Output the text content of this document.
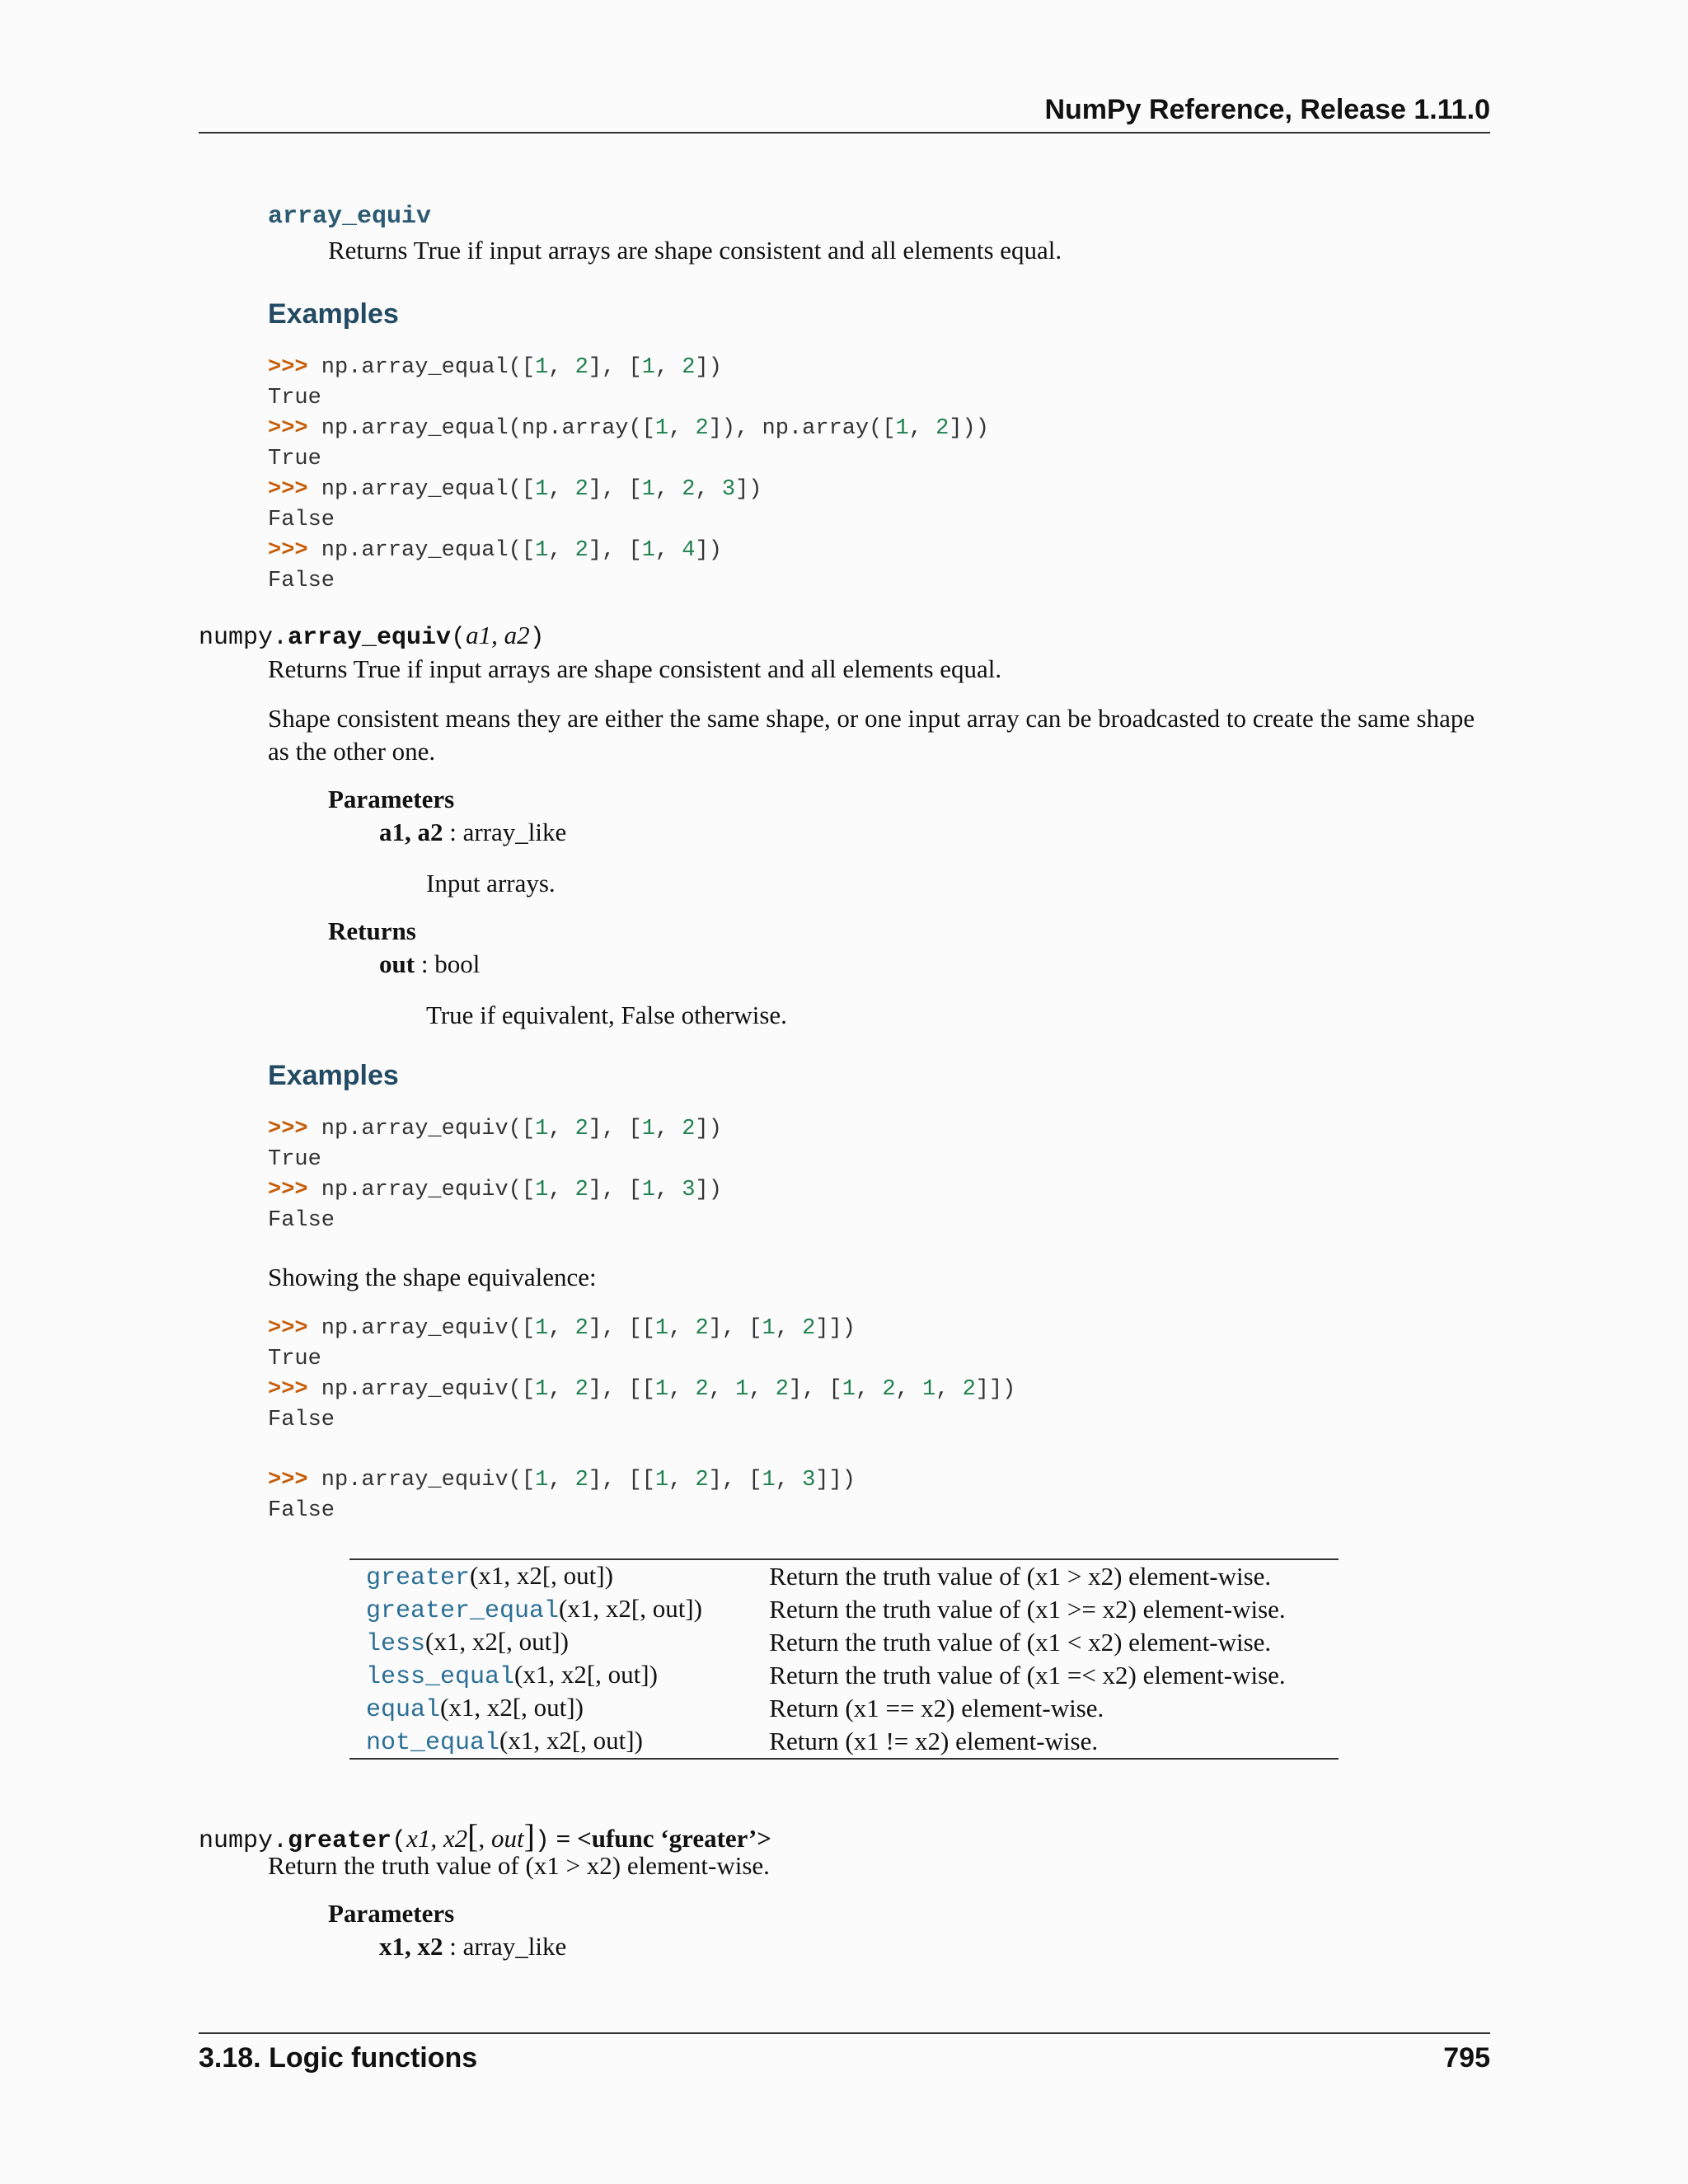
NumPy Reference, Release 1.11.0
array_equiv
Returns True if input arrays are shape consistent and all elements equal.
Examples
>>> np.array_equal([1, 2], [1, 2])
True
>>> np.array_equal(np.array([1, 2]), np.array([1, 2]))
True
>>> np.array_equal([1, 2], [1, 2, 3])
False
>>> np.array_equal([1, 2], [1, 4])
False
numpy.array_equiv(a1, a2)
Returns True if input arrays are shape consistent and all elements equal.
Shape consistent means they are either the same shape, or one input array can be broadcasted to create the same shape as the other one.
Parameters
a1, a2 : array_like
Input arrays.
Returns
out : bool
True if equivalent, False otherwise.
Examples
>>> np.array_equiv([1, 2], [1, 2])
True
>>> np.array_equiv([1, 2], [1, 3])
False
Showing the shape equivalence:
>>> np.array_equiv([1, 2], [[1, 2], [1, 2]])
True
>>> np.array_equiv([1, 2], [[1, 2, 1, 2], [1, 2, 1, 2]])
False
>>> np.array_equiv([1, 2], [[1, 2], [1, 3]])
False
greater(x1, x2[, out])	Return the truth value of (x1 > x2) element-wise.
greater_equal(x1, x2[, out])	Return the truth value of (x1 >= x2) element-wise.
less(x1, x2[, out])	Return the truth value of (x1 < x2) element-wise.
less_equal(x1, x2[, out])	Return the truth value of (x1 =< x2) element-wise.
equal(x1, x2[, out])	Return (x1 == x2) element-wise.
not_equal(x1, x2[, out])	Return (x1 != x2) element-wise.
numpy.greater(x1, x2[, out]) = <ufunc ‘greater’>
Return the truth value of (x1 > x2) element-wise.
Parameters
x1, x2 : array_like
3.18. Logic functions	795
